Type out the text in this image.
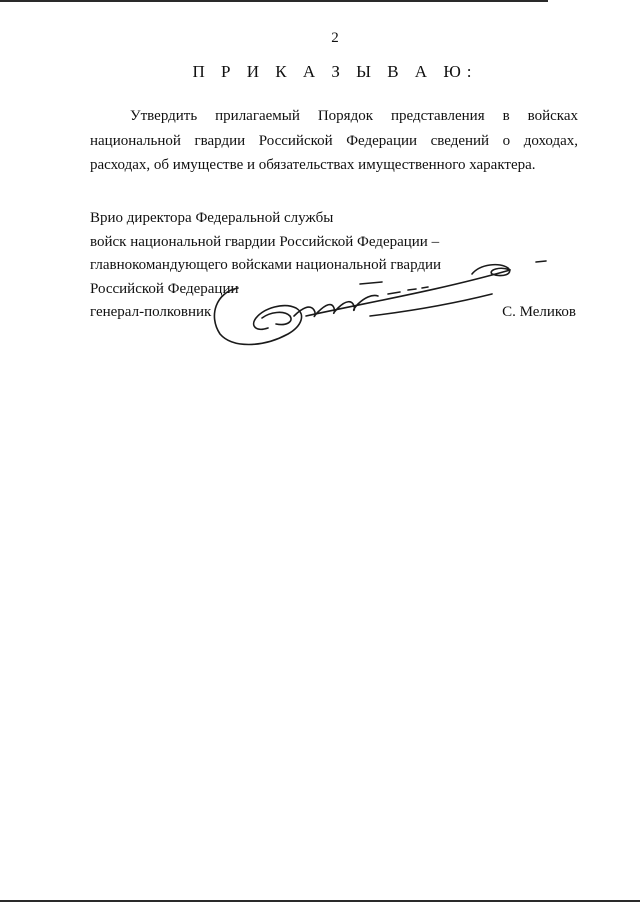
2
П Р И К А З Ы В А Ю:

Утвердить прилагаемый Порядок представления в войсках национальной гвардии Российской Федерации сведений о доходах, расходах, об имуществе и обязательствах имущественного характера.

Врио директора Федеральной службы
войск национальной гвардии Российской Федерации –
главнокомандующего войсками национальной гвардии
Российской Федерации
генерал-полковник	С. Меликов
